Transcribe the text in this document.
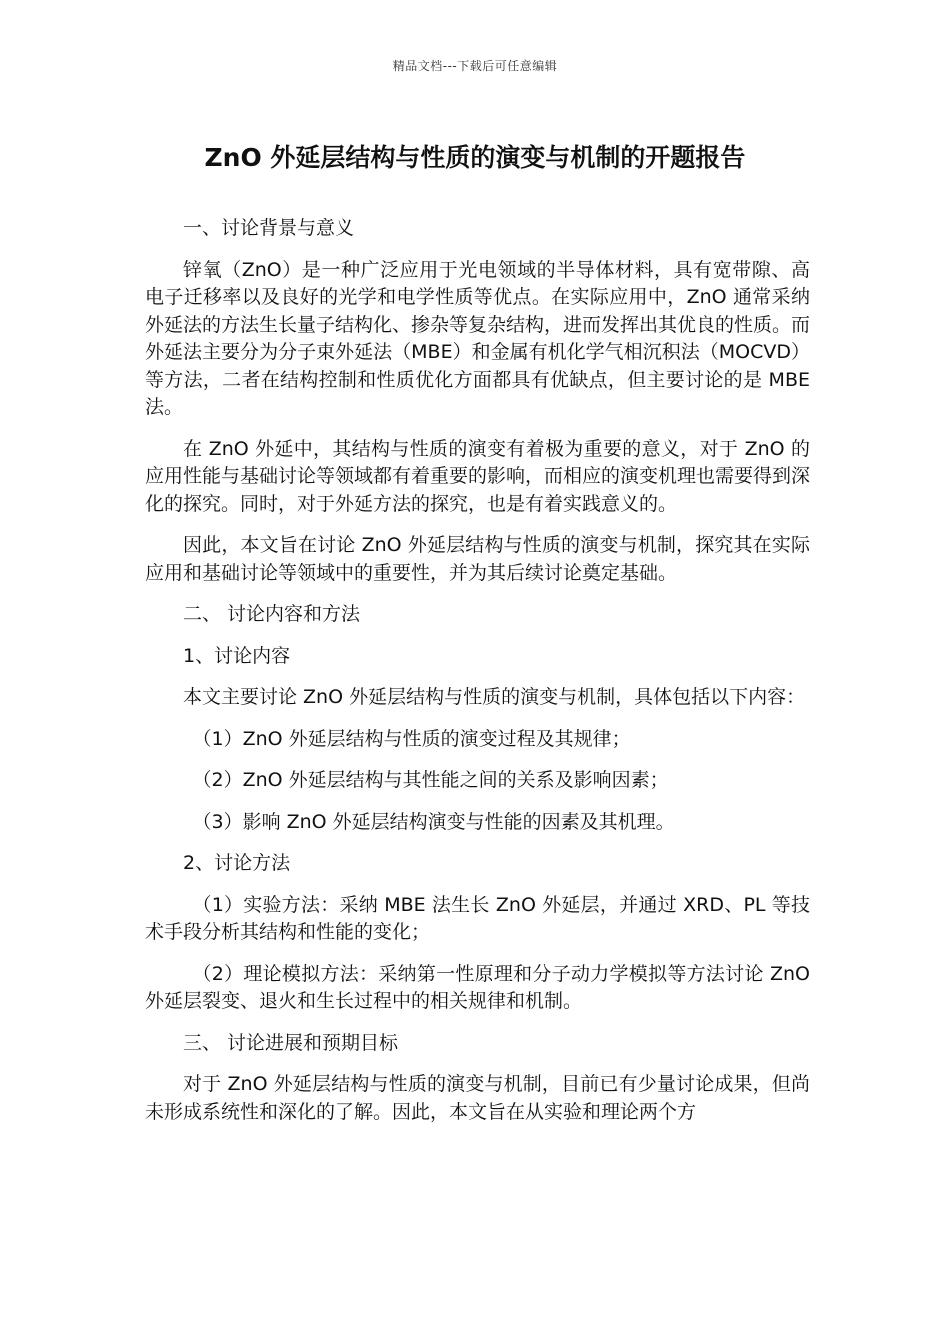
精品文档---下载后可任意编辑
ZnO 外延层结构与性质的演变与机制的开题报告

一、讨论背景与意义

锌氧（ZnO）是一种广泛应用于光电领域的半导体材料，具有宽带隙、高电子迁移率以及良好的光学和电学性质等优点。在实际应用中，ZnO 通常采纳外延法的方法生长量子结构化、掺杂等复杂结构，进而发挥出其优良的性质。而外延法主要分为分子束外延法（MBE）和金属有机化学气相沉积法（MOCVD）等方法，二者在结构控制和性质优化方面都具有优缺点，但主要讨论的是 MBE 法。

在 ZnO 外延中，其结构与性质的演变有着极为重要的意义，对于 ZnO 的应用性能与基础讨论等领域都有着重要的影响，而相应的演变机理也需要得到深化的探究。同时，对于外延方法的探究，也是有着实践意义的。

因此，本文旨在讨论 ZnO 外延层结构与性质的演变与机制，探究其在实际应用和基础讨论等领域中的重要性，并为其后续讨论奠定基础。

二、 讨论内容和方法

1、讨论内容

本文主要讨论 ZnO 外延层结构与性质的演变与机制，具体包括以下内容：

（1）ZnO 外延层结构与性质的演变过程及其规律；

（2）ZnO 外延层结构与其性能之间的关系及影响因素；

（3）影响 ZnO 外延层结构演变与性能的因素及其机理。

2、讨论方法

（1）实验方法：采纳 MBE 法生长 ZnO 外延层，并通过 XRD、PL 等技术手段分析其结构和性能的变化；

（2）理论模拟方法：采纳第一性原理和分子动力学模拟等方法讨论 ZnO 外延层裂变、退火和生长过程中的相关规律和机制。

三、 讨论进展和预期目标

对于 ZnO 外延层结构与性质的演变与机制，目前已有少量讨论成果，但尚未形成系统性和深化的了解。因此，本文旨在从实验和理论两个方
